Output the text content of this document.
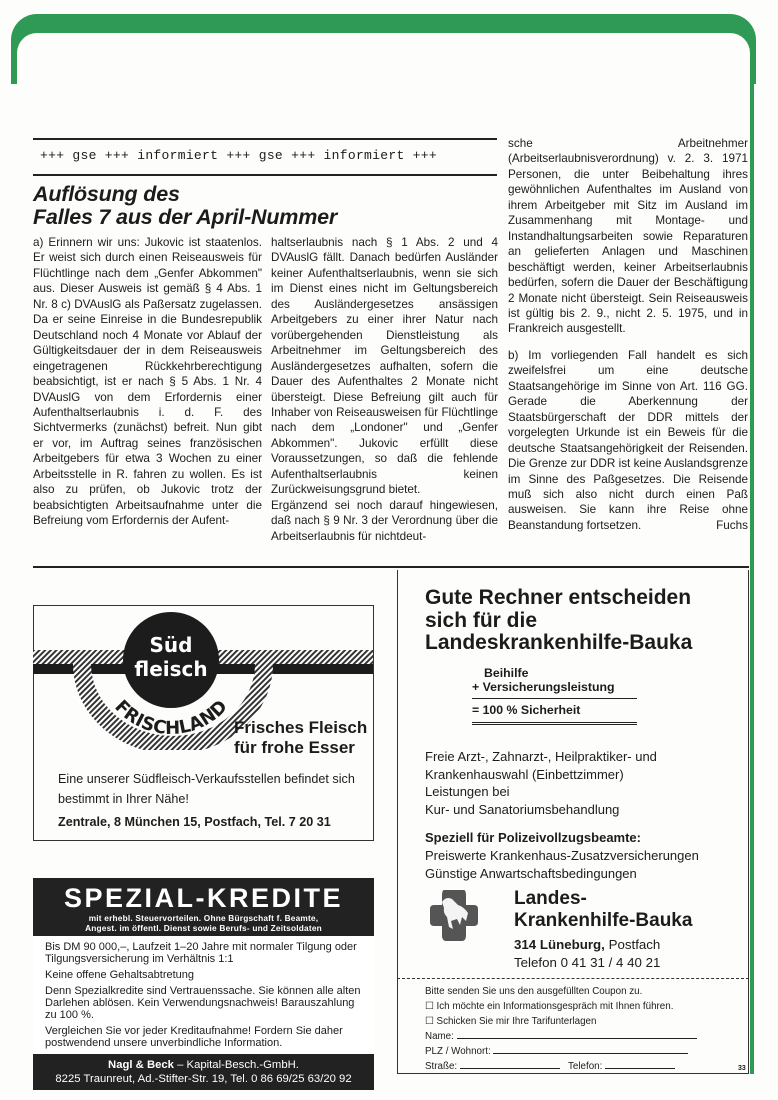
+++ gse +++ informiert +++ gse +++ informiert +++
Auflösung des
Falles 7 aus der April-Nummer

a) Erinnern wir uns: Jukovic ist staatenlos. Er weist sich durch einen Reiseausweis für Flüchtlinge nach dem „Genfer Abkommen" aus. Dieser Ausweis ist gemäß § 4 Abs. 1 Nr. 8 c) DVAuslG als Paßersatz zugelassen. Da er seine Einreise in die Bundesrepublik Deutschland noch 4 Monate vor Ablauf der Gültigkeitsdauer der in dem Reiseausweis eingetragenen Rückkehrberechtigung beabsichtigt, ist er nach § 5 Abs. 1 Nr. 4 DVAuslG von dem Erfordernis einer Aufenthaltserlaubnis i. d. F. des Sichtvermerks (zunächst) befreit. Nun gibt er vor, im Auftrag seines französischen Arbeitgebers für etwa 3 Wochen zu einer Arbeitsstelle in R. fahren zu wollen. Es ist also zu prüfen, ob Jukovic trotz der beabsichtigten Arbeitsaufnahme unter die Befreiung vom Erfordernis der Aufent-

haltserlaubnis nach § 1 Abs. 2 und 4 DVAuslG fällt. Danach bedürfen Ausländer keiner Aufenthaltserlaubnis, wenn sie sich im Dienst eines nicht im Geltungsbereich des Ausländergesetzes ansässigen Arbeitgebers zu einer ihrer Natur nach vorübergehenden Dienstleistung als Arbeitnehmer im Geltungsbereich des Ausländergesetzes aufhalten, sofern die Dauer des Aufenthaltes 2 Monate nicht übersteigt. Diese Befreiung gilt auch für Inhaber von Reiseausweisen für Flüchtlinge nach dem „Londoner" und „Genfer Abkommen". Jukovic erfüllt diese Voraussetzungen, so daß die fehlende Aufenthaltserlaubnis keinen Zurückweisungsgrund bietet.

Ergänzend sei noch darauf hingewiesen, daß nach § 9 Nr. 3 der Verordnung über die Arbeitserlaubnis für nichtdeut-

sche Arbeitnehmer (Arbeitserlaubnisverordnung) v. 2. 3. 1971 Personen, die unter Beibehaltung ihres gewöhnlichen Aufenthaltes im Ausland von ihrem Arbeitgeber mit Sitz im Ausland im Zusammenhang mit Montage- und Instandhaltungsarbeiten sowie Reparaturen an gelieferten Anlagen und Maschinen beschäftigt werden, keiner Arbeitserlaubnis bedürfen, sofern die Dauer der Beschäftigung 2 Monate nicht übersteigt. Sein Reiseausweis ist gültig bis 2. 9., nicht 2. 5. 1975, und in Frankreich ausgestellt.

b) Im vorliegenden Fall handelt es sich zweifelsfrei um eine deutsche Staatsangehörige im Sinne von Art. 116 GG. Gerade die Aberkennung der Staatsbürgerschaft der DDR mittels der vorgelegten Urkunde ist ein Beweis für die deutsche Staatsangehörigkeit der Reisenden. Die Grenze zur DDR ist keine Auslandsgrenze im Sinne des Paßgesetzes. Die Reisende muß sich also nicht durch einen Paß ausweisen. Sie kann ihre Reise ohne Beanstandung fortsetzen.	Fuchs

Süd
fleisch
FRISCHLAND
Frisches Fleisch
für frohe Esser
Eine unserer Südfleisch-Verkaufsstellen befindet sich bestimmt in Ihrer Nähe!
Zentrale, 8 München 15, Postfach, Tel. 7 20 31
SPEZIAL-KREDITE
mit erhebl. Steuervorteilen. Ohne Bürgschaft f. Beamte,
Angest. im öffentl. Dienst sowie Berufs- und Zeitsoldaten

Bis DM 90 000,–, Laufzeit 1–20 Jahre mit normaler Tilgung oder Tilgungsversicherung im Verhältnis 1:1

Keine offene Gehaltsabtretung

Denn Spezialkredite sind Vertrauenssache. Sie können alle alten Darlehen ablösen. Kein Verwendungsnachweis! Barauszahlung zu 100 %.

Vergleichen Sie vor jeder Kreditaufnahme! Fordern Sie daher postwendend unsere unverbindliche Information.

Nagl & Beck – Kapital-Besch.-GmbH.
8225 Traunreut, Ad.-Stifter-Str. 19, Tel. 0 86 69/25 63/20 92
Gute Rechner entscheiden
sich für die
Landeskrankenhilfe-Bauka
Beihilfe
+ Versicherungsleistung
= 100 % Sicherheit
Freie Arzt-, Zahnarzt-, Heilpraktiker- und
Krankenhauswahl (Einbettzimmer)
Leistungen bei
Kur- und Sanatoriumsbehandlung
Speziell für Polizeivollzugsbeamte:
Preiswerte Krankenhaus-Zusatzversicherungen
Günstige Anwartschaftsbedingungen
Landes-
Krankenhilfe-Bauka
314 Lüneburg, Postfach
Telefon 0 41 31 / 4 40 21
Bitte senden Sie uns den ausgefüllten Coupon zu.
☐ Ich möchte ein Informationsgespräch mit Ihnen führen.
☐ Schicken Sie mir Ihre Tarifunterlagen
Name:
PLZ / Wohnort:
Straße:	Telefon:	33
